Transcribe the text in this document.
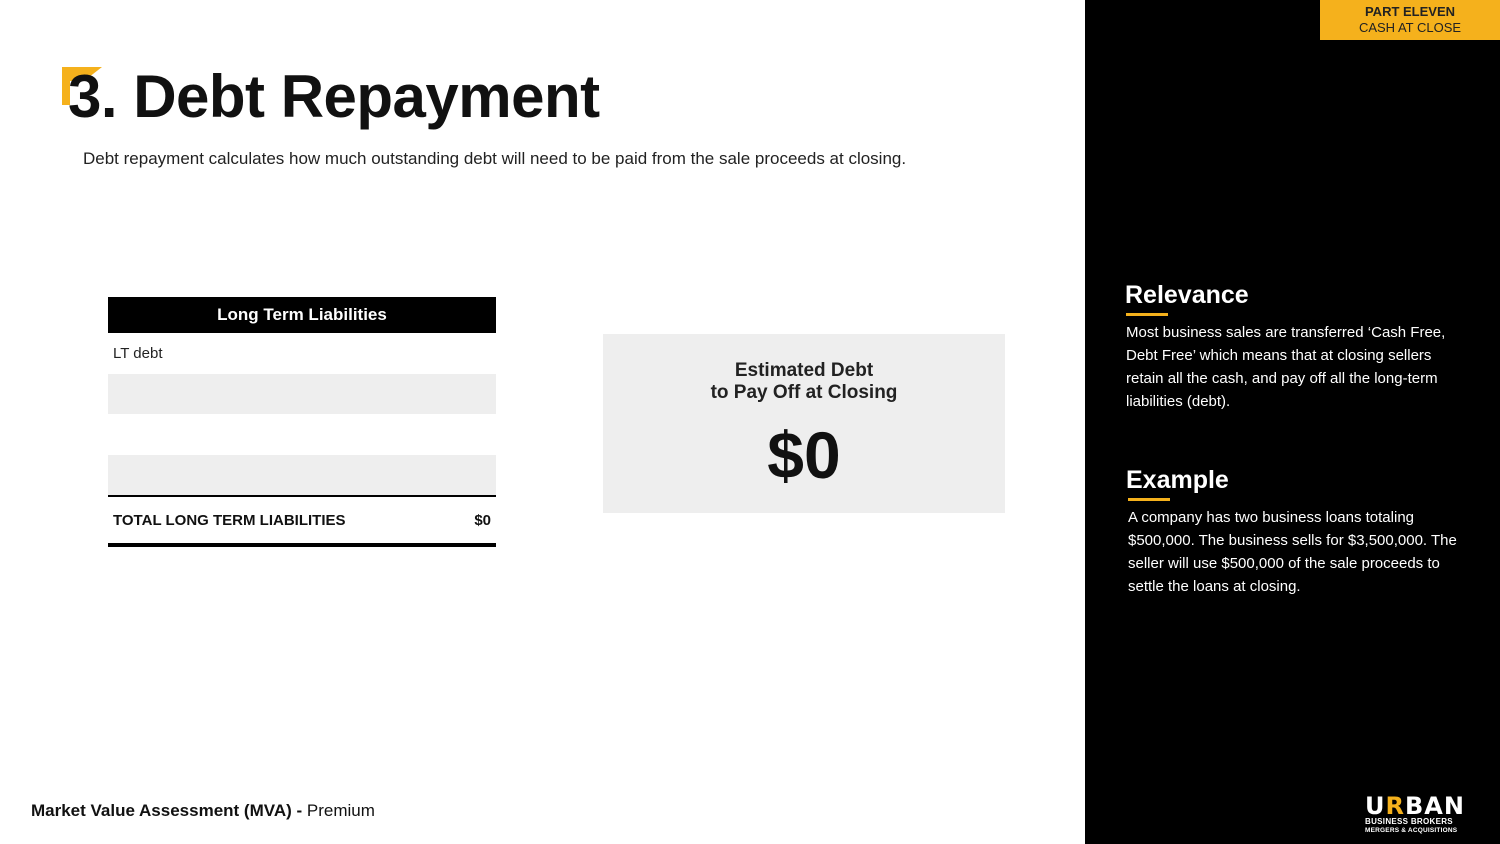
3. Debt Repayment
Debt repayment calculates how much outstanding debt will need to be paid from the sale proceeds at closing.
Long Term Liabilities
LT debt
TOTAL LONG TERM LIABILITIES	$0
Estimated Debt
to Pay Off at Closing
$0
Market Value Assessment (MVA) - Premium
PART ELEVEN
CASH AT CLOSE
Relevance
Most business sales are transferred ‘Cash Free, Debt Free’ which means that at closing sellers retain all the cash, and pay off all the long-term liabilities (debt).
Example
A company has two business loans totaling $500,000. The business sells for $3,500,000. The seller will use $500,000 of the sale proceeds to settle the loans at closing.
URBAN
BUSINESS BROKERS
MERGERS & ACQUISITIONS
